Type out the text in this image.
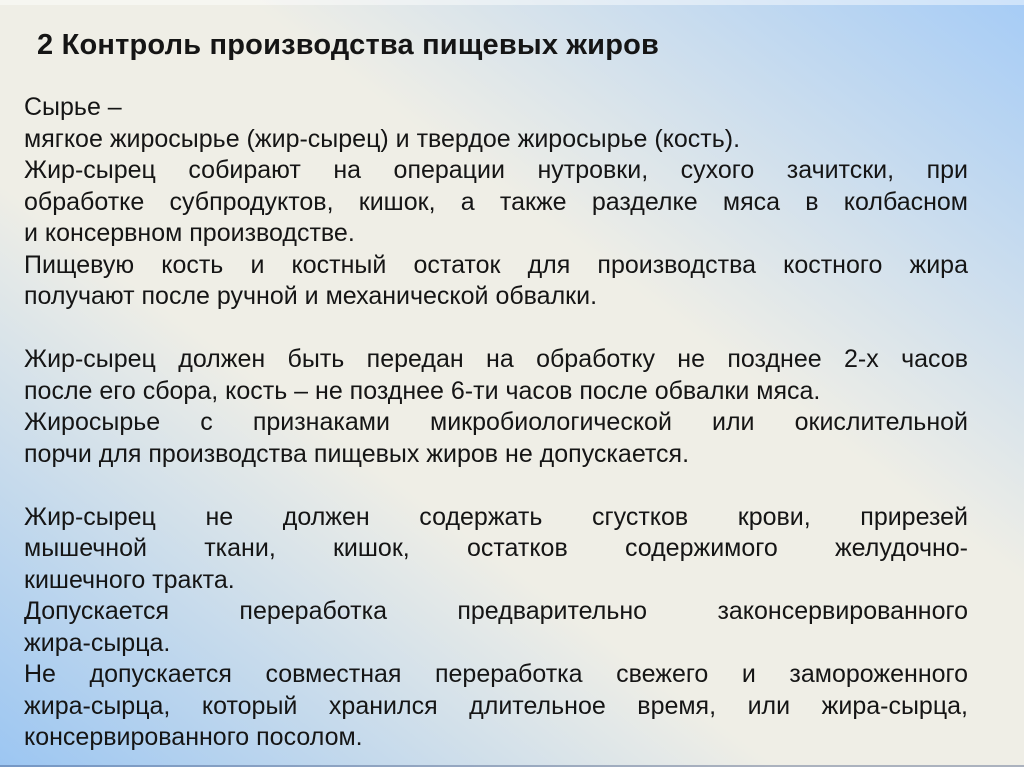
2 Контроль производства пищевых жиров
Сырье –
мягкое жиросырье (жир-сырец) и твердое жиросырье (кость).
Жир-сырец собирают на операции нутровки, сухого зачитски, при
обработке субпродуктов, кишок, а также разделке мяса в колбасном
и консервном производстве.
Пищевую кость и костный остаток для производства костного жира
получают после ручной и механической обвалки.

Жир-сырец должен быть передан на обработку не позднее 2-х часов
после его сбора, кость – не позднее 6-ти часов после обвалки мяса.
Жиросырье с признаками микробиологической или окислительной
порчи для производства пищевых жиров не допускается.

Жир-сырец не должен содержать сгустков крови, прирезей
мышечной ткани, кишок, остатков содержимого желудочно-
кишечного тракта.
Допускается переработка предварительно законсервированного
жира-сырца.
Не допускается совместная переработка свежего и замороженного
жира-сырца, который хранился длительное время, или жира-сырца,
консервированного посолом.
